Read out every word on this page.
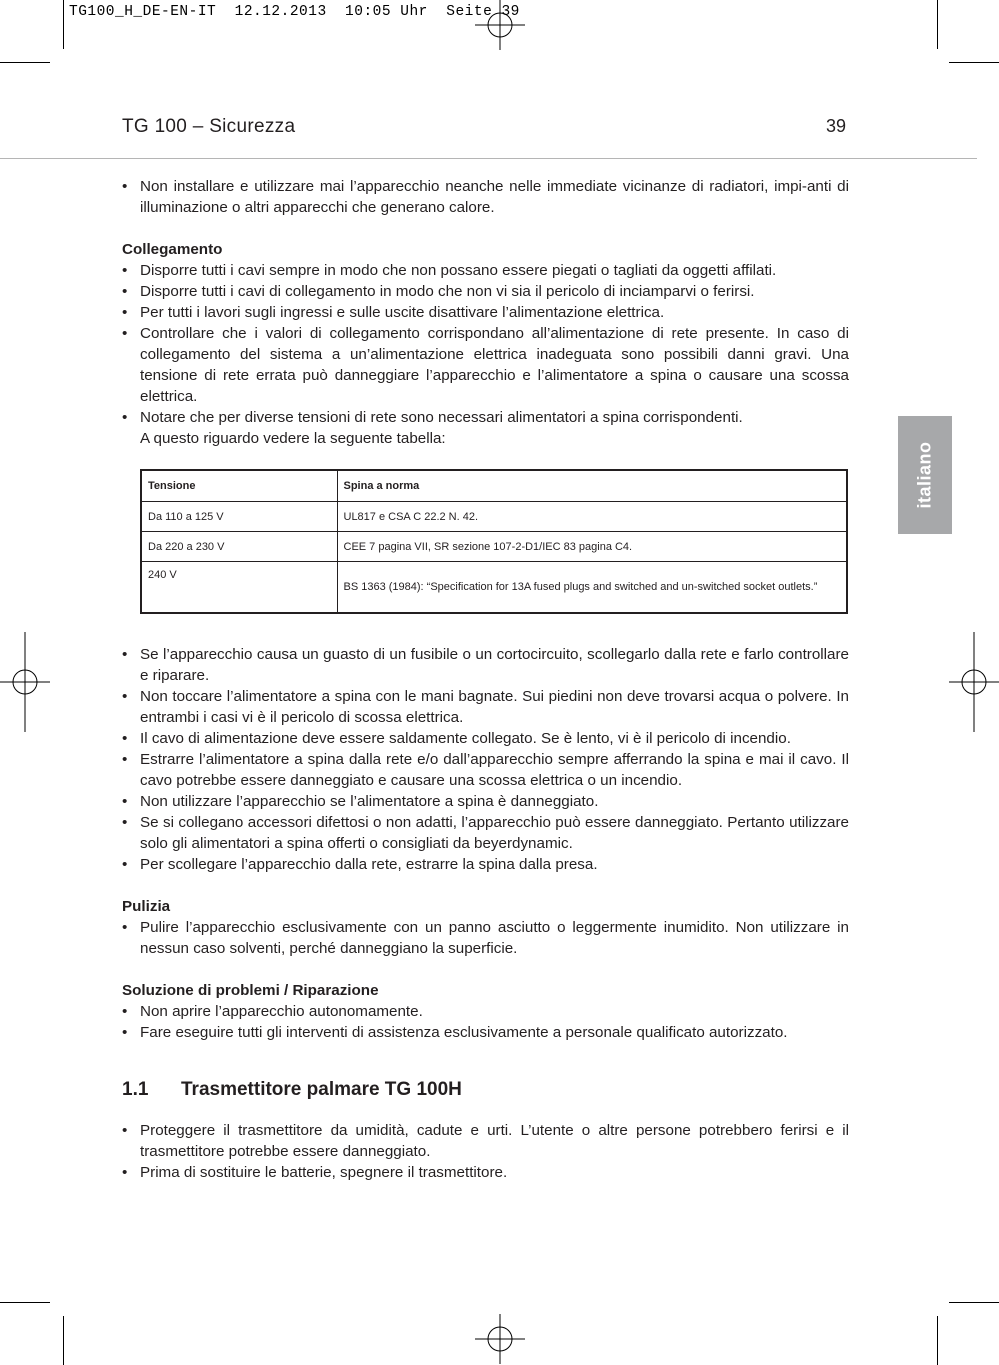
TG100_H_DE-EN-IT  12.12.2013  10:05 Uhr  Seite 39
TG 100 – Sicurezza	39
italiano
• Non installare e utilizzare mai l’apparecchio neanche nelle immediate vicinanze di radiatori, impi-anti di illuminazione o altri apparecchi che generano calore.
Collegamento
• Disporre tutti i cavi sempre in modo che non possano essere piegati o tagliati da oggetti affilati.
• Disporre tutti i cavi di collegamento in modo che non vi sia il pericolo di inciamparvi o ferirsi.
• Per tutti i lavori sugli ingressi e sulle uscite disattivare l’alimentazione elettrica.
• Controllare che i valori di collegamento corrispondano all’alimentazione di rete presente. In caso di collegamento del sistema a un’alimentazione elettrica inadeguata sono possibili danni gravi. Una tensione di rete errata può danneggiare l’apparecchio e l’alimentatore a spina o causare una scossa elettrica.
• Notare che per diverse tensioni di rete sono necessari alimentatori a spina corrispondenti.
A questo riguardo vedere la seguente tabella:
Tensione	Spina a norma
Da 110 a 125 V	UL817 e CSA C 22.2 N. 42.
Da 220 a 230 V	CEE 7 pagina VII, SR sezione 107-2-D1/IEC 83 pagina C4.
240 V	BS 1363 (1984): “Specification for 13A fused plugs and switched and un-switched socket outlets.”
• Se l’apparecchio causa un guasto di un fusibile o un cortocircuito, scollegarlo dalla rete e farlo controllare e riparare.
• Non toccare l’alimentatore a spina con le mani bagnate. Sui piedini non deve trovarsi acqua o polvere. In entrambi i casi vi è il pericolo di scossa elettrica.
• Il cavo di alimentazione deve essere saldamente collegato. Se è lento, vi è il pericolo di incendio.
• Estrarre l’alimentatore a spina dalla rete e/o dall’apparecchio sempre afferrando la spina e mai il cavo. Il cavo potrebbe essere danneggiato e causare una scossa elettrica o un incendio.
• Non utilizzare l’apparecchio se l’alimentatore a spina è danneggiato.
• Se si collegano accessori difettosi o non adatti, l’apparecchio può essere danneggiato. Pertanto utilizzare solo gli alimentatori a spina offerti o consigliati da beyerdynamic.
• Per scollegare l’apparecchio dalla rete, estrarre la spina dalla presa.
Pulizia
• Pulire l’apparecchio esclusivamente con un panno asciutto o leggermente inumidito. Non utilizzare in nessun caso solventi, perché danneggiano la superficie.
Soluzione di problemi / Riparazione
• Non aprire l’apparecchio autonomamente.
• Fare eseguire tutti gli interventi di assistenza esclusivamente a personale qualificato autorizzato.
1.1 Trasmettitore palmare TG 100H
• Proteggere il trasmettitore da umidità, cadute e urti. L’utente o altre persone potrebbero ferirsi e il trasmettitore potrebbe essere danneggiato.
• Prima di sostituire le batterie, spegnere il trasmettitore.
